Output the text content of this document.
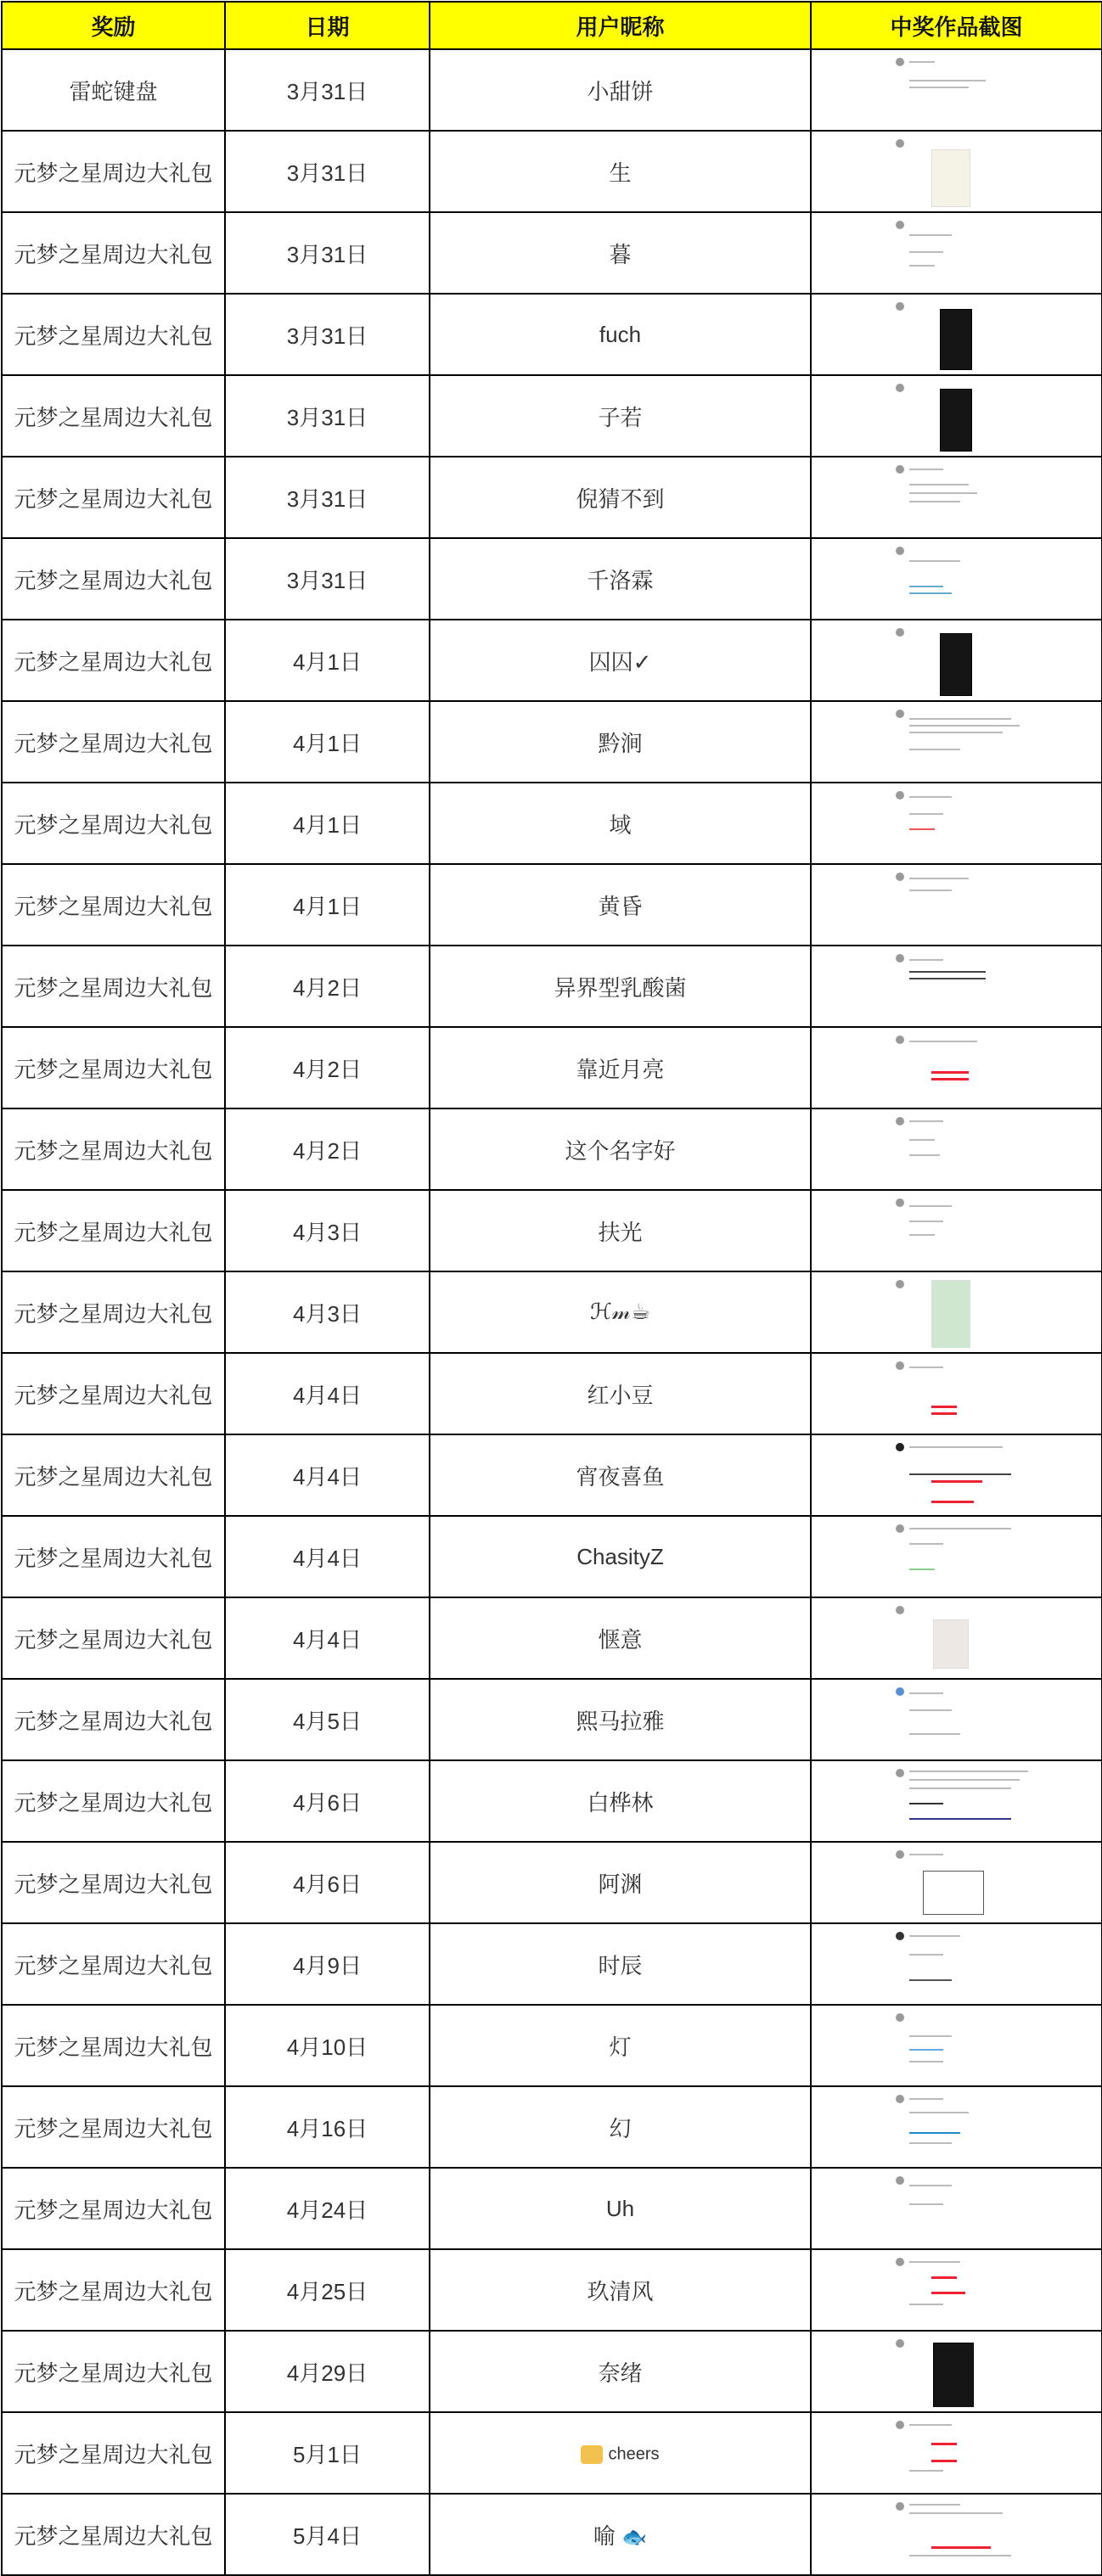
奖励	日期	用户昵称	中奖作品截图
雷蛇键盘	3月31日	小甜饼	

元梦之星周边大礼包	3月31日	生	

元梦之星周边大礼包	3月31日	暮	

元梦之星周边大礼包	3月31日	fuch	

元梦之星周边大礼包	3月31日	子若	

元梦之星周边大礼包	3月31日	倪猜不到	

元梦之星周边大礼包	3月31日	千洛霖	

元梦之星周边大礼包	4月1日	囚囚✓	

元梦之星周边大礼包	4月1日	黔涧	

元梦之星周边大礼包	4月1日	域	

元梦之星周边大礼包	4月1日	黄昏	

元梦之星周边大礼包	4月2日	异界型乳酸菌	

元梦之星周边大礼包	4月2日	靠近月亮	

元梦之星周边大礼包	4月2日	这个名字好	

元梦之星周边大礼包	4月3日	扶光	

元梦之星周边大礼包	4月3日	ℋ𝓂☕	

元梦之星周边大礼包	4月4日	红小豆	

元梦之星周边大礼包	4月4日	宵夜喜鱼	

元梦之星周边大礼包	4月4日	ChasityZ	

元梦之星周边大礼包	4月4日	惬意	

元梦之星周边大礼包	4月5日	熙马拉雅	

元梦之星周边大礼包	4月6日	白桦林	

元梦之星周边大礼包	4月6日	阿渊	

元梦之星周边大礼包	4月9日	时辰	

元梦之星周边大礼包	4月10日	灯	

元梦之星周边大礼包	4月16日	幻	

元梦之星周边大礼包	4月24日	Uh	

元梦之星周边大礼包	4月25日	玖清风	

元梦之星周边大礼包	4月29日	奈绪	

元梦之星周边大礼包	5月1日	cheers	

元梦之星周边大礼包	5月4日	喻 🐟	
